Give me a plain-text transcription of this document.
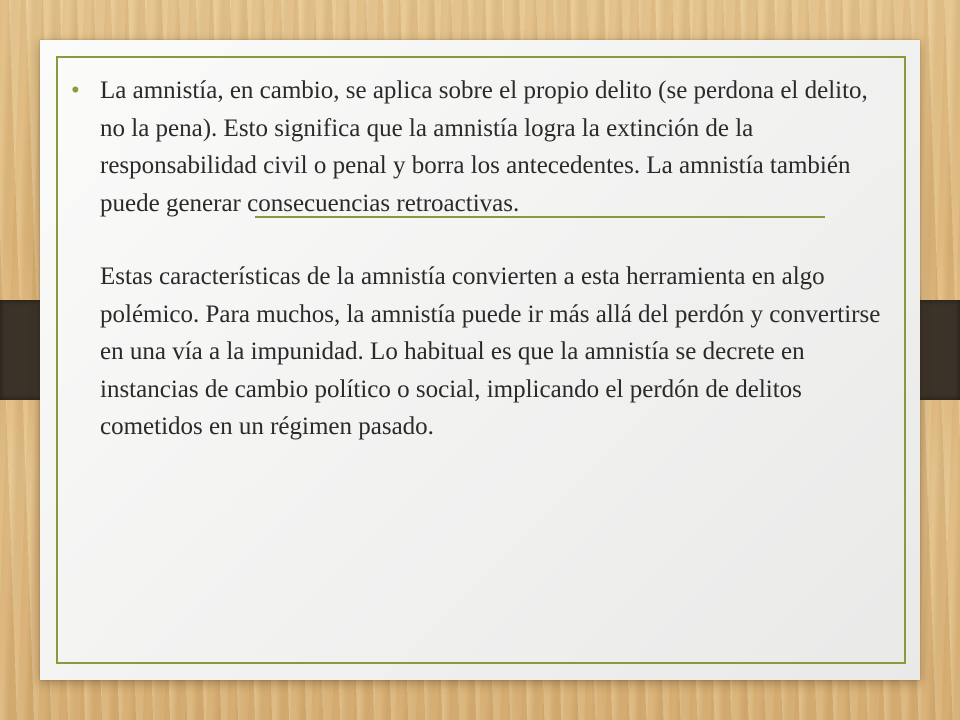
• La amnistía, en cambio, se aplica sobre el propio delito (se perdona el delito, no la pena). Esto significa que la amnistía logra la extinción de la responsabilidad civil o penal y borra los antecedentes. La amnistía también puede generar consecuencias retroactivas.

Estas características de la amnistía convierten a esta herramienta en algo polémico. Para muchos, la amnistía puede ir más allá del perdón y convertirse en una vía a la impunidad. Lo habitual es que la amnistía se decrete en instancias de cambio político o social, implicando el perdón de delitos cometidos en un régimen pasado.
